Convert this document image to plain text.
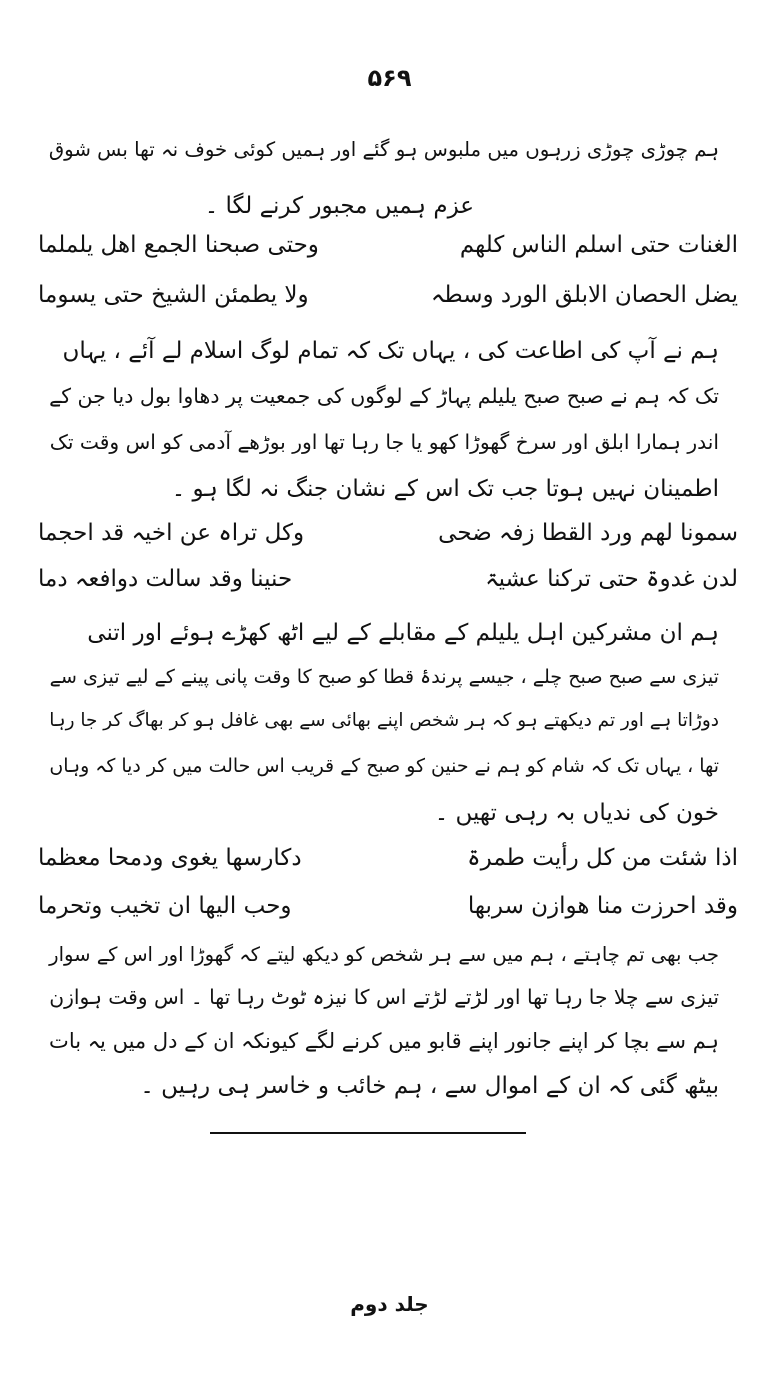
۵۶۹
ہم چوڑی چوڑی زرہوں میں ملبوس ہو گئے اور ہمیں کوئی خوف نہ تھا بس شوق
عزم ہمیں مجبور کرنے لگا ۔
الغنات حتی اسلم الناس کلھم
وحتی صبحنا الجمع اھل یلملما
یضل الحصان الابلق الورد وسطہ
ولا یطمئن الشیخ حتی یسوما
ہم نے آپ کی اطاعت کی ، یہاں تک کہ تمام لوگ اسلام لے آئے ، یہاں
تک کہ ہم نے صبح صبح یلیلم پہاڑ کے لوگوں کی جمعیت پر دھاوا بول دیا جن کے
اندر ہمارا ابلق اور سرخ گھوڑا کھو یا جا رہا تھا اور بوڑھے آدمی کو اس وقت تک
اطمینان نہیں ہوتا جب تک اس کے نشان جنگ نہ لگا ہو ۔
سمونا لھم ورد القطا زفہ ضحی
وکل تراہ عن اخیہ قد احجما
لدن غدوۃ حتی ترکنا عشیۃ
حنینا وقد سالت دوافعہ دما
ہم ان مشرکین اہل یلیلم کے مقابلے کے لیے اٹھ کھڑے ہوئے اور اتنی
تیزی سے صبح صبح چلے ، جیسے پرندۂ قطا کو صبح کا وقت پانی پینے کے لیے تیزی سے
دوڑاتا ہے اور تم دیکھتے ہو کہ ہر شخص اپنے بھائی سے بھی غافل ہو کر بھاگ کر جا رہا
تھا ، یہاں تک کہ شام کو ہم نے حنین کو صبح کے قریب اس حالت میں کر دیا کہ وہاں
خون کی ندیاں بہ رہی تھیں ۔
اذا شئت من کل رأیت طمرۃ
دکارسھا یغوی ودمحا معظما
وقد احرزت منا ھوازن سربھا
وحب الیھا ان تخیب وتحرما
جب بھی تم چاہتے ، ہم میں سے ہر شخص کو دیکھ لیتے کہ گھوڑا اور اس کے سوار
تیزی سے چلا جا رہا تھا اور لڑتے لڑتے اس کا نیزہ ٹوٹ رہا تھا ۔ اس وقت ہوازن
ہم سے بچا کر اپنے جانور اپنے قابو میں کرنے لگے کیونکہ ان کے دل میں یہ بات
بیٹھ گئی کہ ان کے اموال سے ، ہم خائب و خاسر ہی رہیں ۔
جلد دوم
